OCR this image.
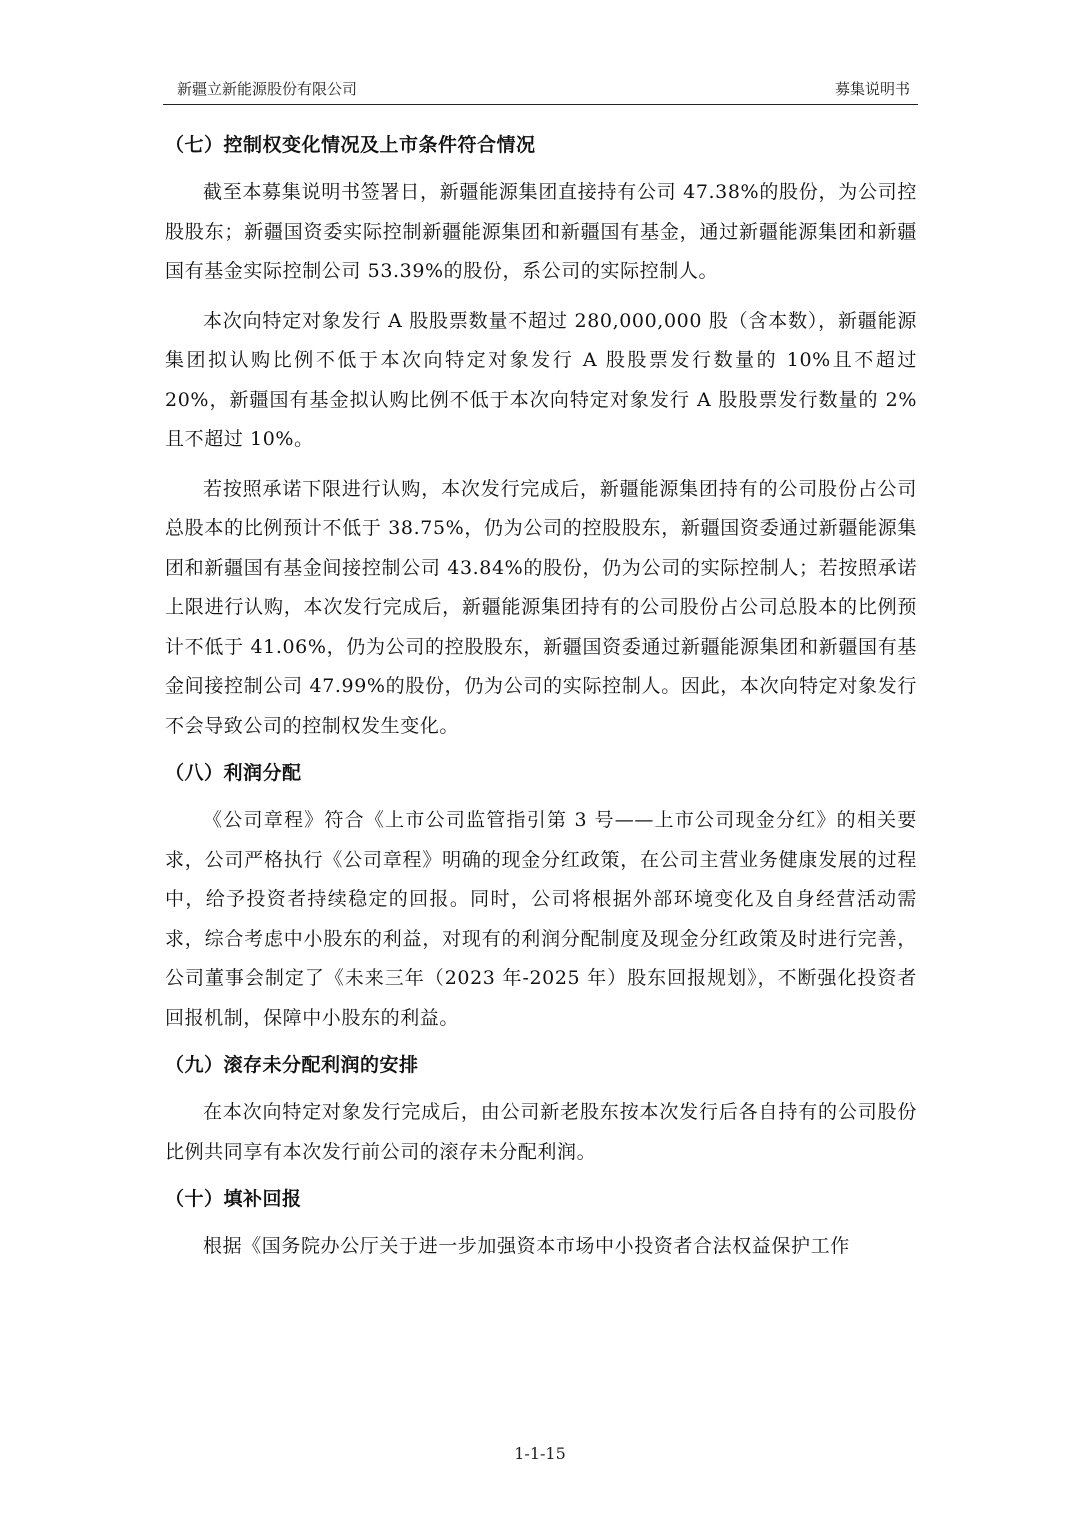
新疆立新能源股份有限公司	募集说明书
（七）控制权变化情况及上市条件符合情况

截至本募集说明书签署日，新疆能源集团直接持有公司 47.38%的股份，为公司控股股东；新疆国资委实际控制新疆能源集团和新疆国有基金，通过新疆能源集团和新疆国有基金实际控制公司 53.39%的股份，系公司的实际控制人。

本次向特定对象发行 A 股股票数量不超过 280,000,000 股（含本数），新疆能源集团拟认购比例不低于本次向特定对象发行 A 股股票发行数量的 10%且不超过 20%，新疆国有基金拟认购比例不低于本次向特定对象发行 A 股股票发行数量的 2%且不超过 10%。

若按照承诺下限进行认购，本次发行完成后，新疆能源集团持有的公司股份占公司总股本的比例预计不低于 38.75%，仍为公司的控股股东，新疆国资委通过新疆能源集团和新疆国有基金间接控制公司 43.84%的股份，仍为公司的实际控制人；若按照承诺上限进行认购，本次发行完成后，新疆能源集团持有的公司股份占公司总股本的比例预计不低于 41.06%，仍为公司的控股股东，新疆国资委通过新疆能源集团和新疆国有基金间接控制公司 47.99%的股份，仍为公司的实际控制人。因此，本次向特定对象发行不会导致公司的控制权发生变化。

（八）利润分配

《公司章程》符合《上市公司监管指引第 3 号——上市公司现金分红》的相关要求，公司严格执行《公司章程》明确的现金分红政策，在公司主营业务健康发展的过程中，给予投资者持续稳定的回报。同时，公司将根据外部环境变化及自身经营活动需求，综合考虑中小股东的利益，对现有的利润分配制度及现金分红政策及时进行完善，公司董事会制定了《未来三年（2023 年-2025 年）股东回报规划》，不断强化投资者回报机制，保障中小股东的利益。

（九）滚存未分配利润的安排

在本次向特定对象发行完成后，由公司新老股东按本次发行后各自持有的公司股份比例共同享有本次发行前公司的滚存未分配利润。

（十）填补回报

根据《国务院办公厅关于进一步加强资本市场中小投资者合法权益保护工作

1-1-15
